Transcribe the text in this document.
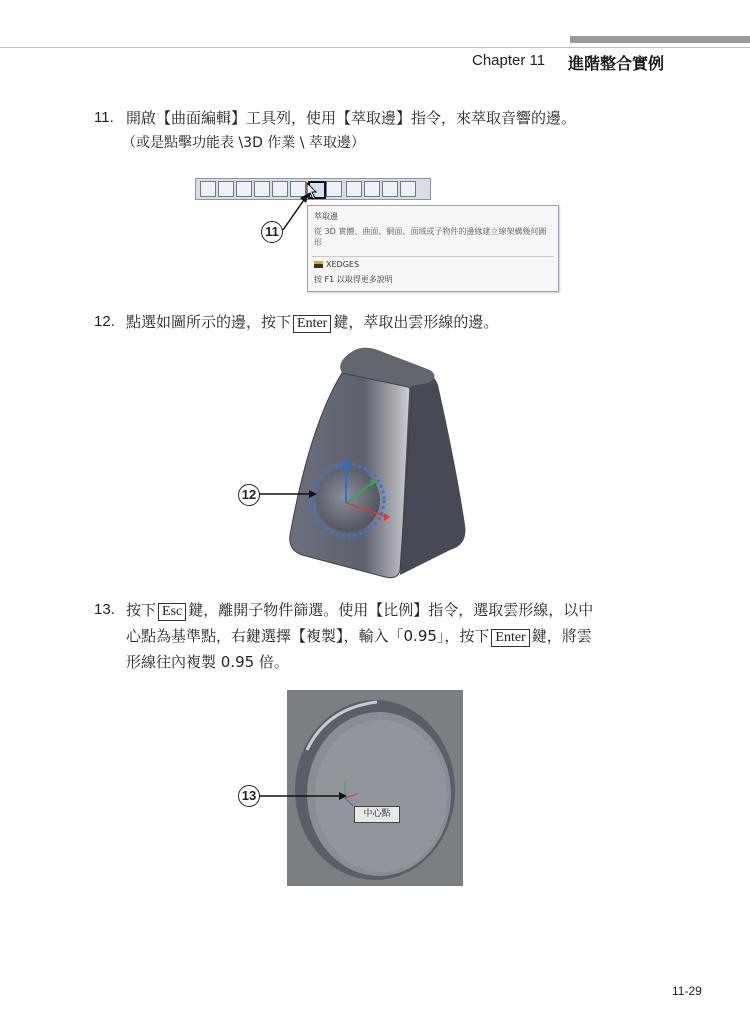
Chapter 11 進階整合實例
11. 開啟【曲面編輯】工具列，使用【萃取邊】指令，來萃取音響的邊。
（或是點擊功能表 \3D 作業 \ 萃取邊）
萃取邊
從 3D 實體、曲面、網面、面域或子物件的邊緣建立線架構幾何圖形
XEDGES
按 F1 以取得更多說明
11
12. 點選如圖所示的邊，按下 Enter 鍵，萃取出雲形線的邊。
12
13. 按下 Esc 鍵，離開子物件篩選。使用【比例】指令，選取雲形線，以中
心點為基準點，右鍵選擇【複製】，輸入「0.95」，按下 Enter 鍵，將雲
形線往內複製 0.95 倍。
中心點
13
11-29
